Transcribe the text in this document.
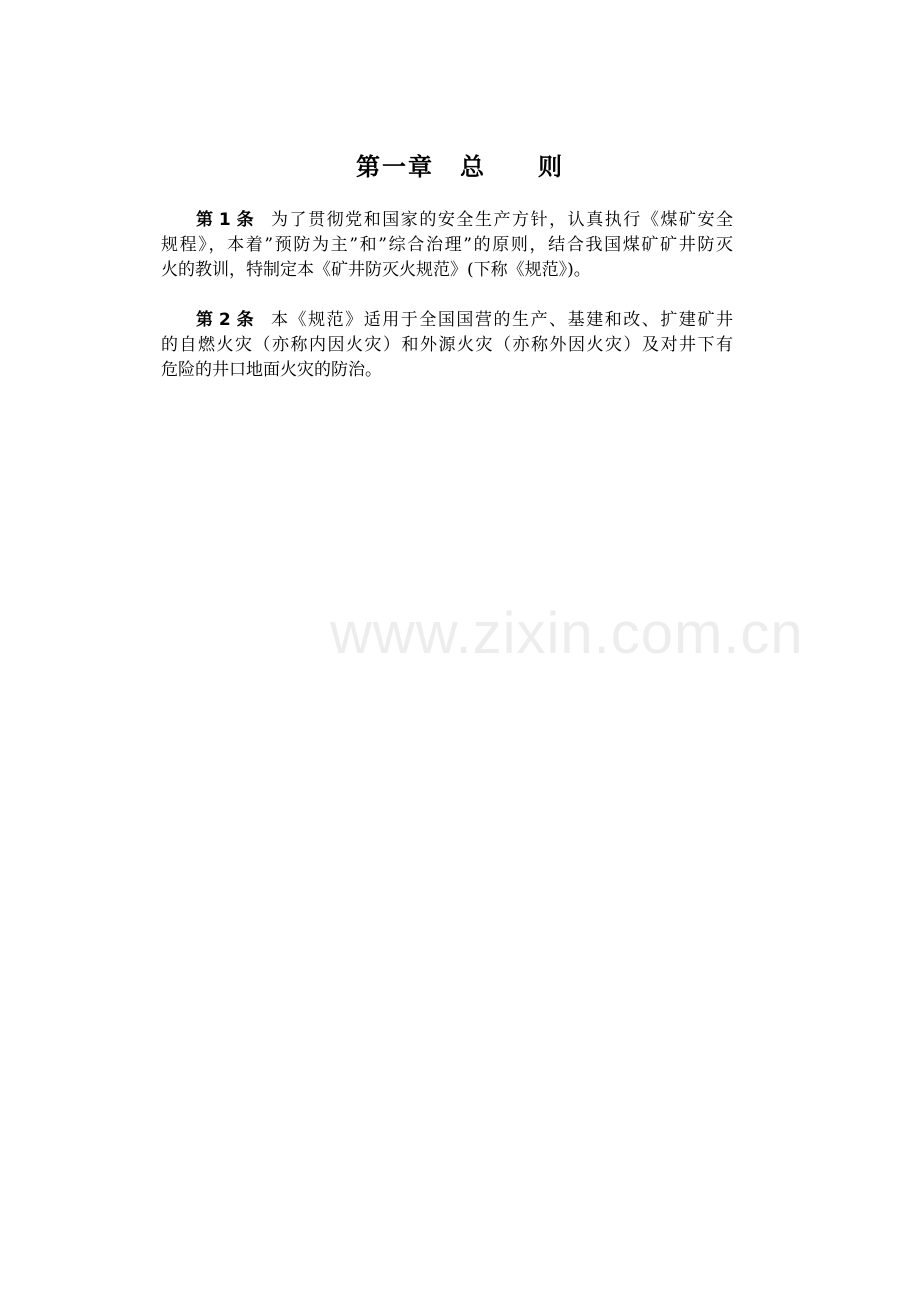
www.zixin.com.cn
第一章　总　　则
第 1 条 为了贯彻党和国家的安全生产方针，认真执行《煤矿安全
规程》，本着”预防为主”和”综合治理”的原则，结合我国煤矿矿井防灭
火的教训，特制定本《矿井防灭火规范》(下称《规范》)。
第 2 条 本《规范》适用于全国国营的生产、基建和改、扩建矿井
的自燃火灾（亦称内因火灾）和外源火灾（亦称外因火灾）及对井下有
危险的井口地面火灾的防治。
